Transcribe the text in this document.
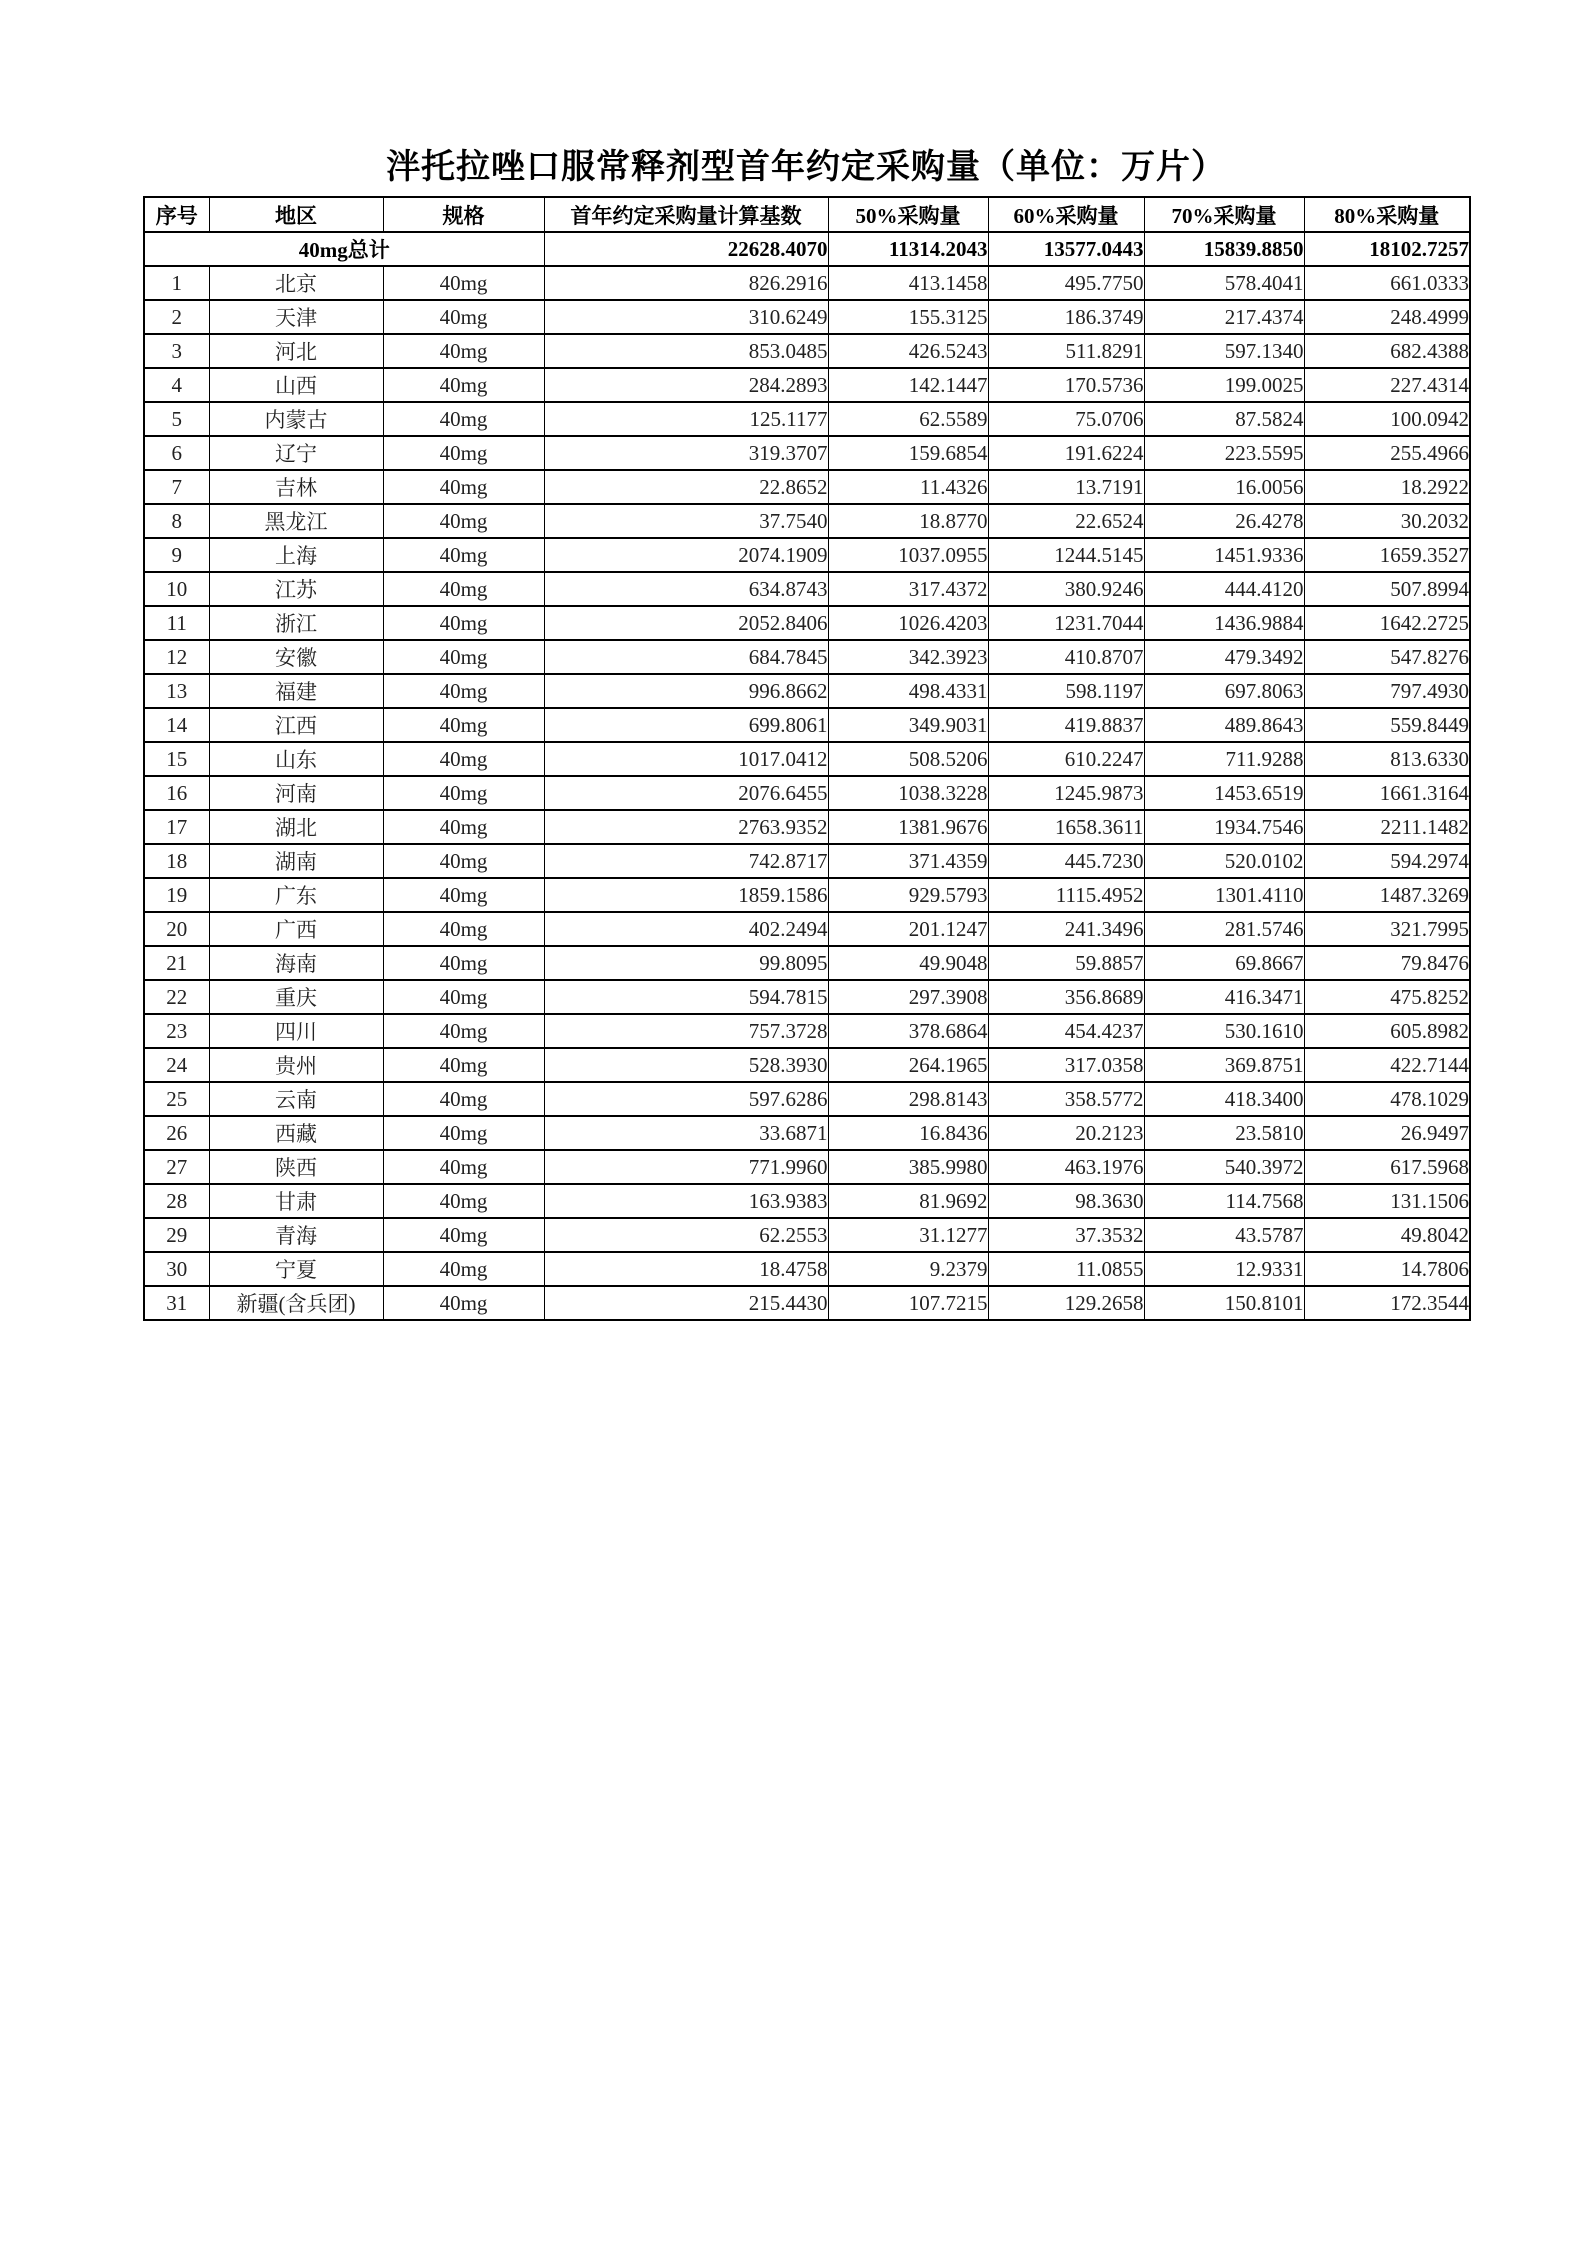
泮托拉唑口服常释剂型首年约定采购量（单位：万片）
序号	地区	规格	首年约定采购量计算基数	50%采购量	60%采购量	70%采购量	80%采购量
40mg总计			22628.4070	11314.2043	13577.0443	15839.8850	18102.7257
1	北京	40mg	826.2916	413.1458	495.7750	578.4041	661.0333
2	天津	40mg	310.6249	155.3125	186.3749	217.4374	248.4999
3	河北	40mg	853.0485	426.5243	511.8291	597.1340	682.4388
4	山西	40mg	284.2893	142.1447	170.5736	199.0025	227.4314
5	内蒙古	40mg	125.1177	62.5589	75.0706	87.5824	100.0942
6	辽宁	40mg	319.3707	159.6854	191.6224	223.5595	255.4966
7	吉林	40mg	22.8652	11.4326	13.7191	16.0056	18.2922
8	黑龙江	40mg	37.7540	18.8770	22.6524	26.4278	30.2032
9	上海	40mg	2074.1909	1037.0955	1244.5145	1451.9336	1659.3527
10	江苏	40mg	634.8743	317.4372	380.9246	444.4120	507.8994
11	浙江	40mg	2052.8406	1026.4203	1231.7044	1436.9884	1642.2725
12	安徽	40mg	684.7845	342.3923	410.8707	479.3492	547.8276
13	福建	40mg	996.8662	498.4331	598.1197	697.8063	797.4930
14	江西	40mg	699.8061	349.9031	419.8837	489.8643	559.8449
15	山东	40mg	1017.0412	508.5206	610.2247	711.9288	813.6330
16	河南	40mg	2076.6455	1038.3228	1245.9873	1453.6519	1661.3164
17	湖北	40mg	2763.9352	1381.9676	1658.3611	1934.7546	2211.1482
18	湖南	40mg	742.8717	371.4359	445.7230	520.0102	594.2974
19	广东	40mg	1859.1586	929.5793	1115.4952	1301.4110	1487.3269
20	广西	40mg	402.2494	201.1247	241.3496	281.5746	321.7995
21	海南	40mg	99.8095	49.9048	59.8857	69.8667	79.8476
22	重庆	40mg	594.7815	297.3908	356.8689	416.3471	475.8252
23	四川	40mg	757.3728	378.6864	454.4237	530.1610	605.8982
24	贵州	40mg	528.3930	264.1965	317.0358	369.8751	422.7144
25	云南	40mg	597.6286	298.8143	358.5772	418.3400	478.1029
26	西藏	40mg	33.6871	16.8436	20.2123	23.5810	26.9497
27	陕西	40mg	771.9960	385.9980	463.1976	540.3972	617.5968
28	甘肃	40mg	163.9383	81.9692	98.3630	114.7568	131.1506
29	青海	40mg	62.2553	31.1277	37.3532	43.5787	49.8042
30	宁夏	40mg	18.4758	9.2379	11.0855	12.9331	14.7806
31	新疆(含兵团)	40mg	215.4430	107.7215	129.2658	150.8101	172.3544
